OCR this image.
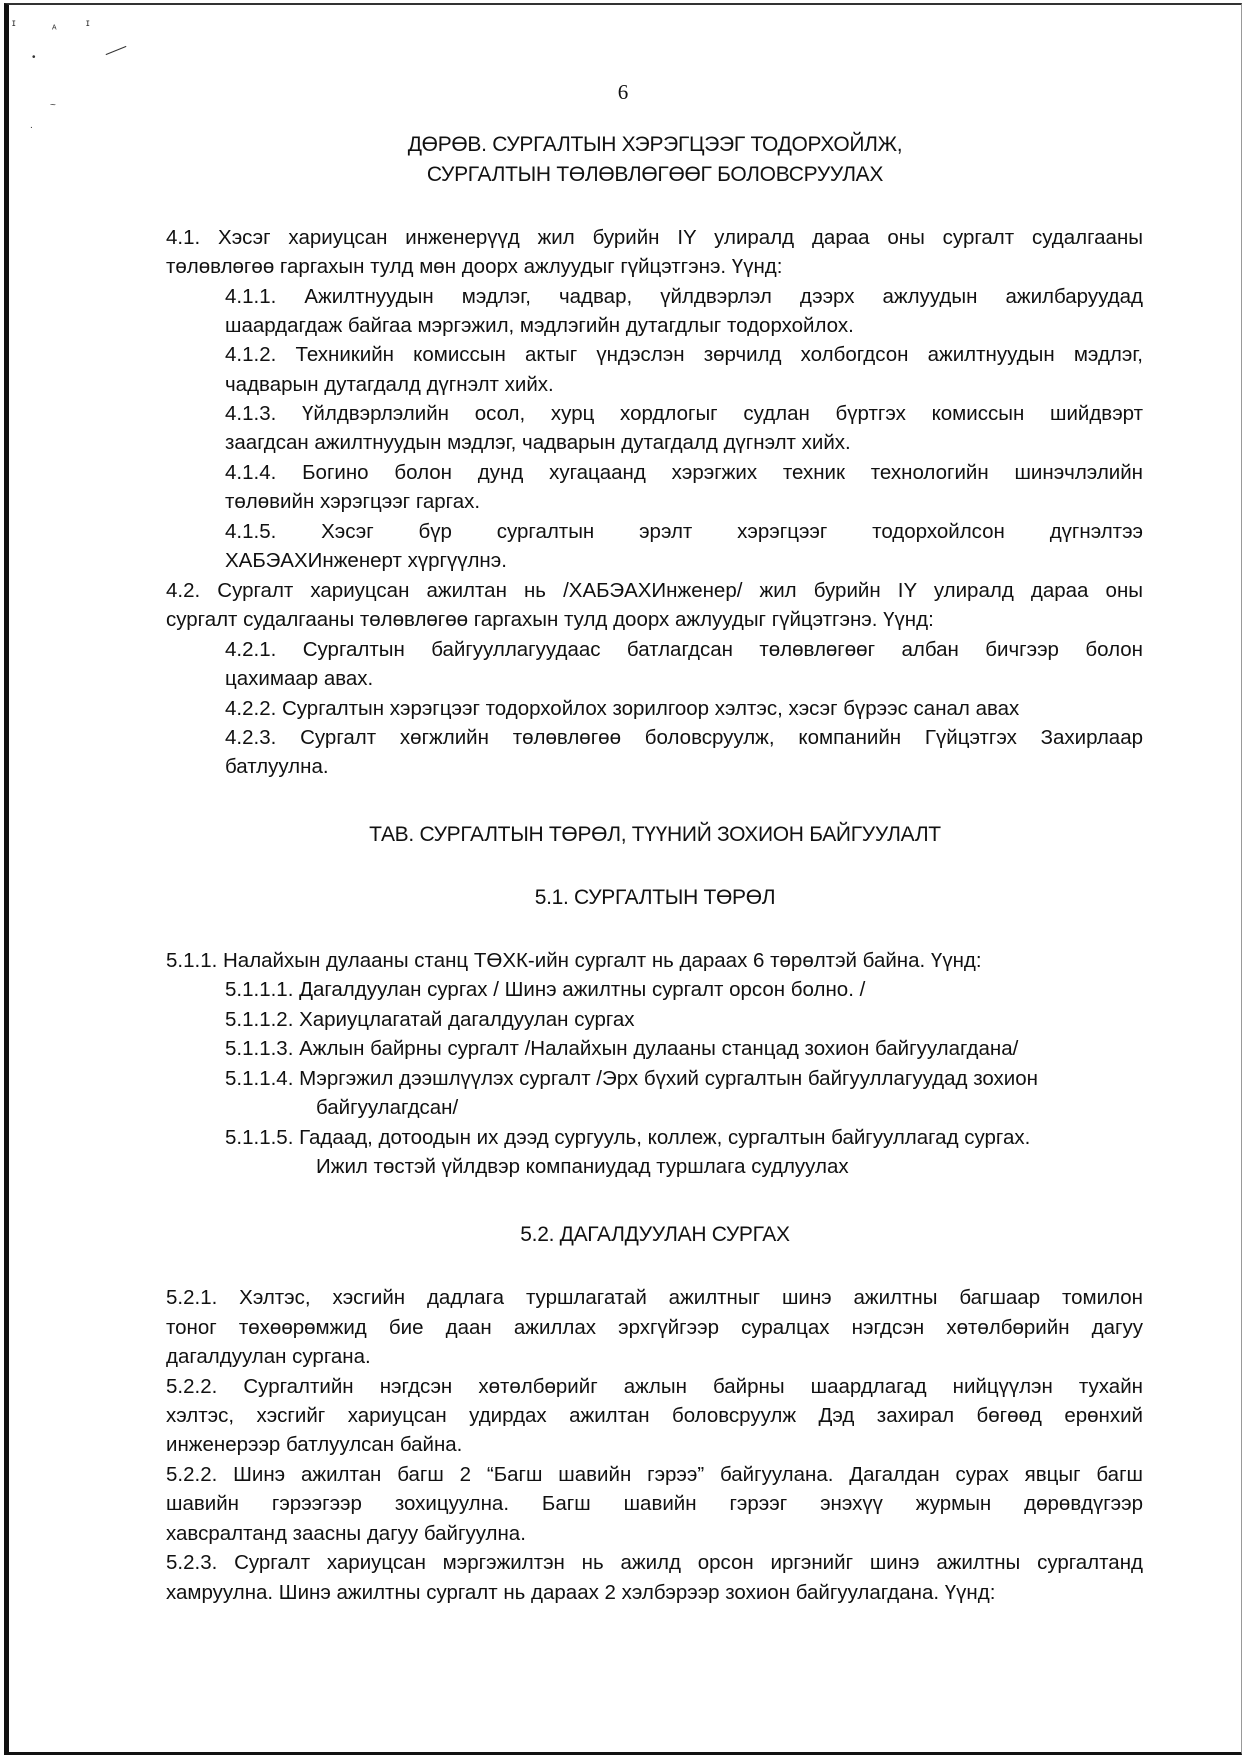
ɪ
ᴬ
ɪ
•
~
.
6
ДӨРӨВ. СУРГАЛТЫН ХЭРЭГЦЭЭГ ТОДОРХОЙЛЖ,
СУРГАЛТЫН ТӨЛӨВЛӨГӨӨГ БОЛОВСРУУЛАХ
4.1. Хэсэг хариуцсан инженерүүд жил бурийн IY улиралд дараа оны сургалт судалгааны
төлөвлөгөө гаргахын тулд мөн доорх ажлуудыг гүйцэтгэнэ. Үүнд:
4.1.1. Ажилтнуудын мэдлэг, чадвар, үйлдвэрлэл дээрх ажлуудын ажилбаруудад
шаардагдаж байгаа мэргэжил, мэдлэгийн дутагдлыг тодорхойлох.
4.1.2. Техникийн комиссын актыг үндэслэн зөрчилд холбогдсон ажилтнуудын мэдлэг,
чадварын дутагдалд дүгнэлт хийх.
4.1.3. Үйлдвэрлэлийн осол, хурц хордлогыг судлан бүртгэх комиссын шийдвэрт
заагдсан ажилтнуудын мэдлэг, чадварын дутагдалд дүгнэлт хийх.
4.1.4. Богино болон дунд хугацаанд хэрэгжих техник технологийн шинэчлэлийн
төлөвийн хэрэгцээг гаргах.
4.1.5. Хэсэг бүр сургалтын эрэлт хэрэгцээг тодорхойлсон дүгнэлтээ
ХАБЭАХИнженерт хүргүүлнэ.
4.2. Сургалт хариуцсан ажилтан нь /ХАБЭАХИнженер/ жил бурийн IY улиралд дараа оны
сургалт судалгааны төлөвлөгөө гаргахын тулд доорх ажлуудыг гүйцэтгэнэ. Үүнд:
4.2.1. Сургалтын байгууллагуудаас батлагдсан төлөвлөгөөг албан бичгээр болон
цахимаар авах.
4.2.2. Сургалтын хэрэгцээг тодорхойлох зорилгоор хэлтэс, хэсэг бүрээс санал авах
4.2.3. Сургалт хөгжлийн төлөвлөгөө боловсруулж, компанийн Гүйцэтгэх Захирлаар
батлуулна.
ТАВ. СУРГАЛТЫН ТӨРӨЛ, ТҮҮНИЙ ЗОХИОН БАЙГУУЛАЛТ
5.1. СУРГАЛТЫН ТӨРӨЛ
5.1.1. Налайхын дулааны станц ТӨХК-ийн сургалт нь дараах 6 төрөлтэй байна. Үүнд:
5.1.1.1. Дагалдуулан сургах / Шинэ ажилтны сургалт орсон болно. /
5.1.1.2. Хариуцлагатай дагалдуулан сургах
5.1.1.3. Ажлын байрны сургалт /Налайхын дулааны станцад зохион байгуулагдана/
5.1.1.4. Мэргэжил дээшлүүлэх сургалт /Эрх бүхий сургалтын байгууллагуудад зохион
байгуулагдсан/
5.1.1.5. Гадаад, дотоодын их дээд сургууль, коллеж, сургалтын байгууллагад сургах.
Ижил төстэй үйлдвэр компаниудад туршлага судлуулах
5.2. ДАГАЛДУУЛАН СУРГАХ
5.2.1. Хэлтэс, хэсгийн дадлага туршлагатай ажилтныг шинэ ажилтны багшаар томилон
тоног төхөөрөмжид бие даан ажиллах эрхгүйгээр суралцах нэгдсэн хөтөлбөрийн дагуу
дагалдуулан сургана.
5.2.2. Сургалтийн нэгдсэн хөтөлбөрийг ажлын байрны шаардлагад нийцүүлэн тухайн
хэлтэс, хэсгийг хариуцсан удирдах ажилтан боловсруулж Дэд захирал бөгөөд ерөнхий
инженерээр батлуулсан байна.
5.2.2. Шинэ ажилтан багш 2 “Багш шавийн гэрээ” байгуулана. Дагалдан сурах явцыг багш
шавийн гэрээгээр зохицуулна. Багш шавийн гэрээг энэхүү журмын дөрөвдүгээр
хавсралтанд заасны дагуу байгуулна.
5.2.3. Сургалт хариуцсан мэргэжилтэн нь ажилд орсон иргэнийг шинэ ажилтны сургалтанд
хамруулна. Шинэ ажилтны сургалт нь дараах 2 хэлбэрээр зохион байгуулагдана. Үүнд:
